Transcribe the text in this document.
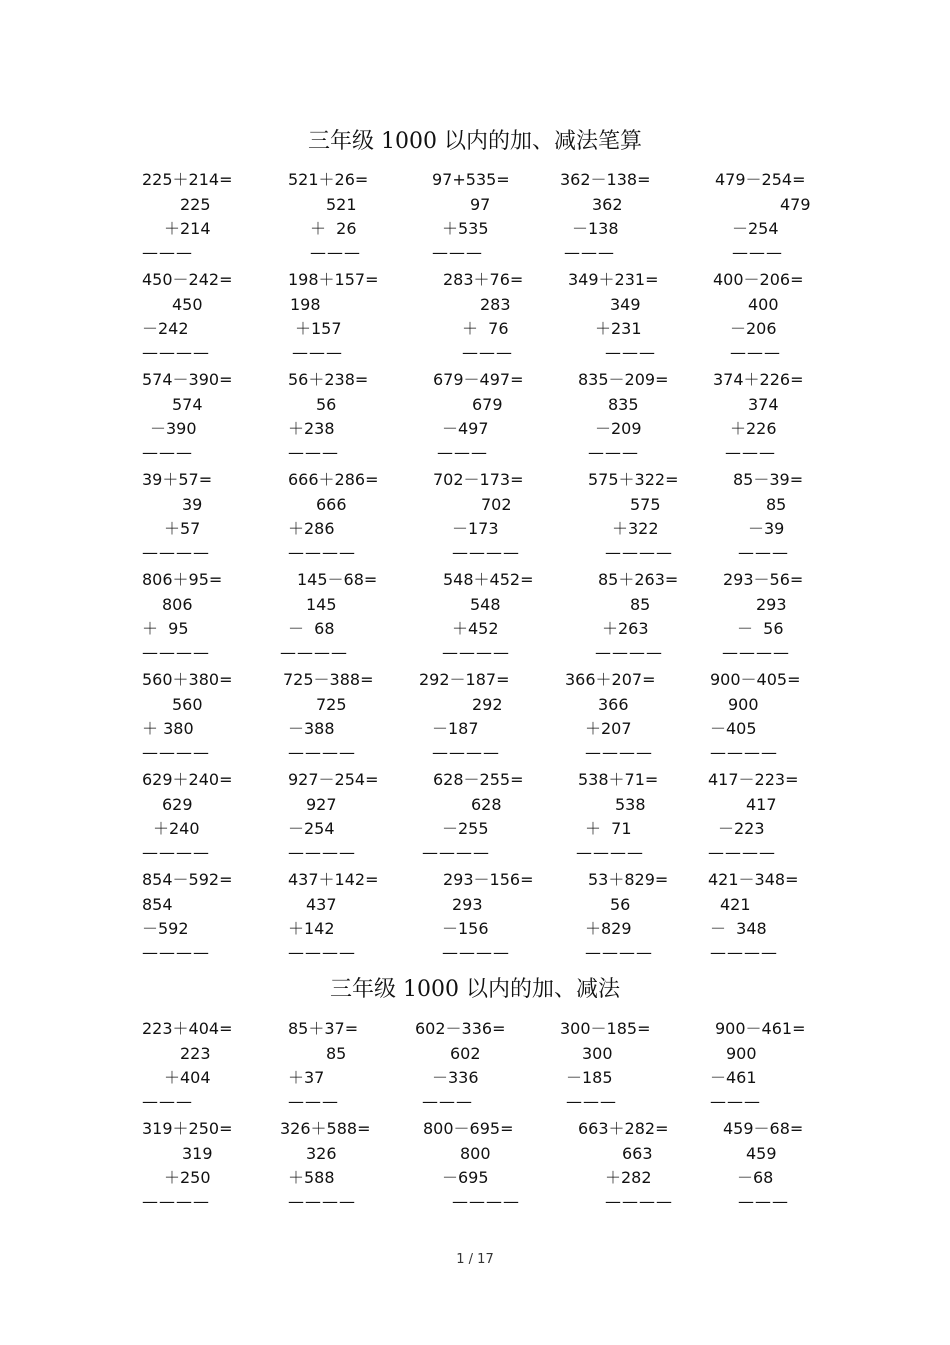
三年级 1000 以内的加、减法笔算
225＋214=
225
＋214
———
521＋26=
521
＋  26
———
97+535=
97
＋535
———
362－138=
362
－138
———
479－254=
479
－254
———
450－242=
450
－242
————
198＋157=
198
＋157
———
283＋76=
283
＋  76
———
349＋231=
349
＋231
———
400－206=
400
－206
———
574－390=
574
－390
———
56＋238=
56
＋238
———
679－497=
679
－497
———
835－209=
835
－209
———
374＋226=
374
＋226
———
39＋57=
39
＋57
————
666＋286=
666
＋286
————
702－173=
702
－173
————
575＋322=
575
＋322
————
85－39=
85
－39
———
806＋95=
806
＋  95
————
145－68=
145
－  68
————
548＋452=
548
＋452
————
85＋263=
85
＋263
————
293－56=
293
－  56
————
560＋380=
560
＋ 380
————
725－388=
725
－388
————
292－187=
292
－187
————
366＋207=
366
＋207
————
900－405=
900
－405
————
629＋240=
629
＋240
————
927－254=
927
－254
————
628－255=
628
－255
————
538＋71=
538
＋  71
————
417－223=
417
－223
————
854－592=
854
－592
————
437＋142=
437
＋142
————
293－156=
293
－156
————
53＋829=
56
＋829
————
421－348=
421
－  348
————
三年级 1000 以内的加、减法
223＋404=
223
＋404
———
85＋37=
85
＋37
———
602－336=
602
－336
———
300－185=
300
－185
———
900－461=
900
－461
———
319＋250=
319
＋250
————
326＋588=
326
＋588
————
800－695=
800
－695
————
663＋282=
663
＋282
————
459－68=
459
－68
———
1 / 17
